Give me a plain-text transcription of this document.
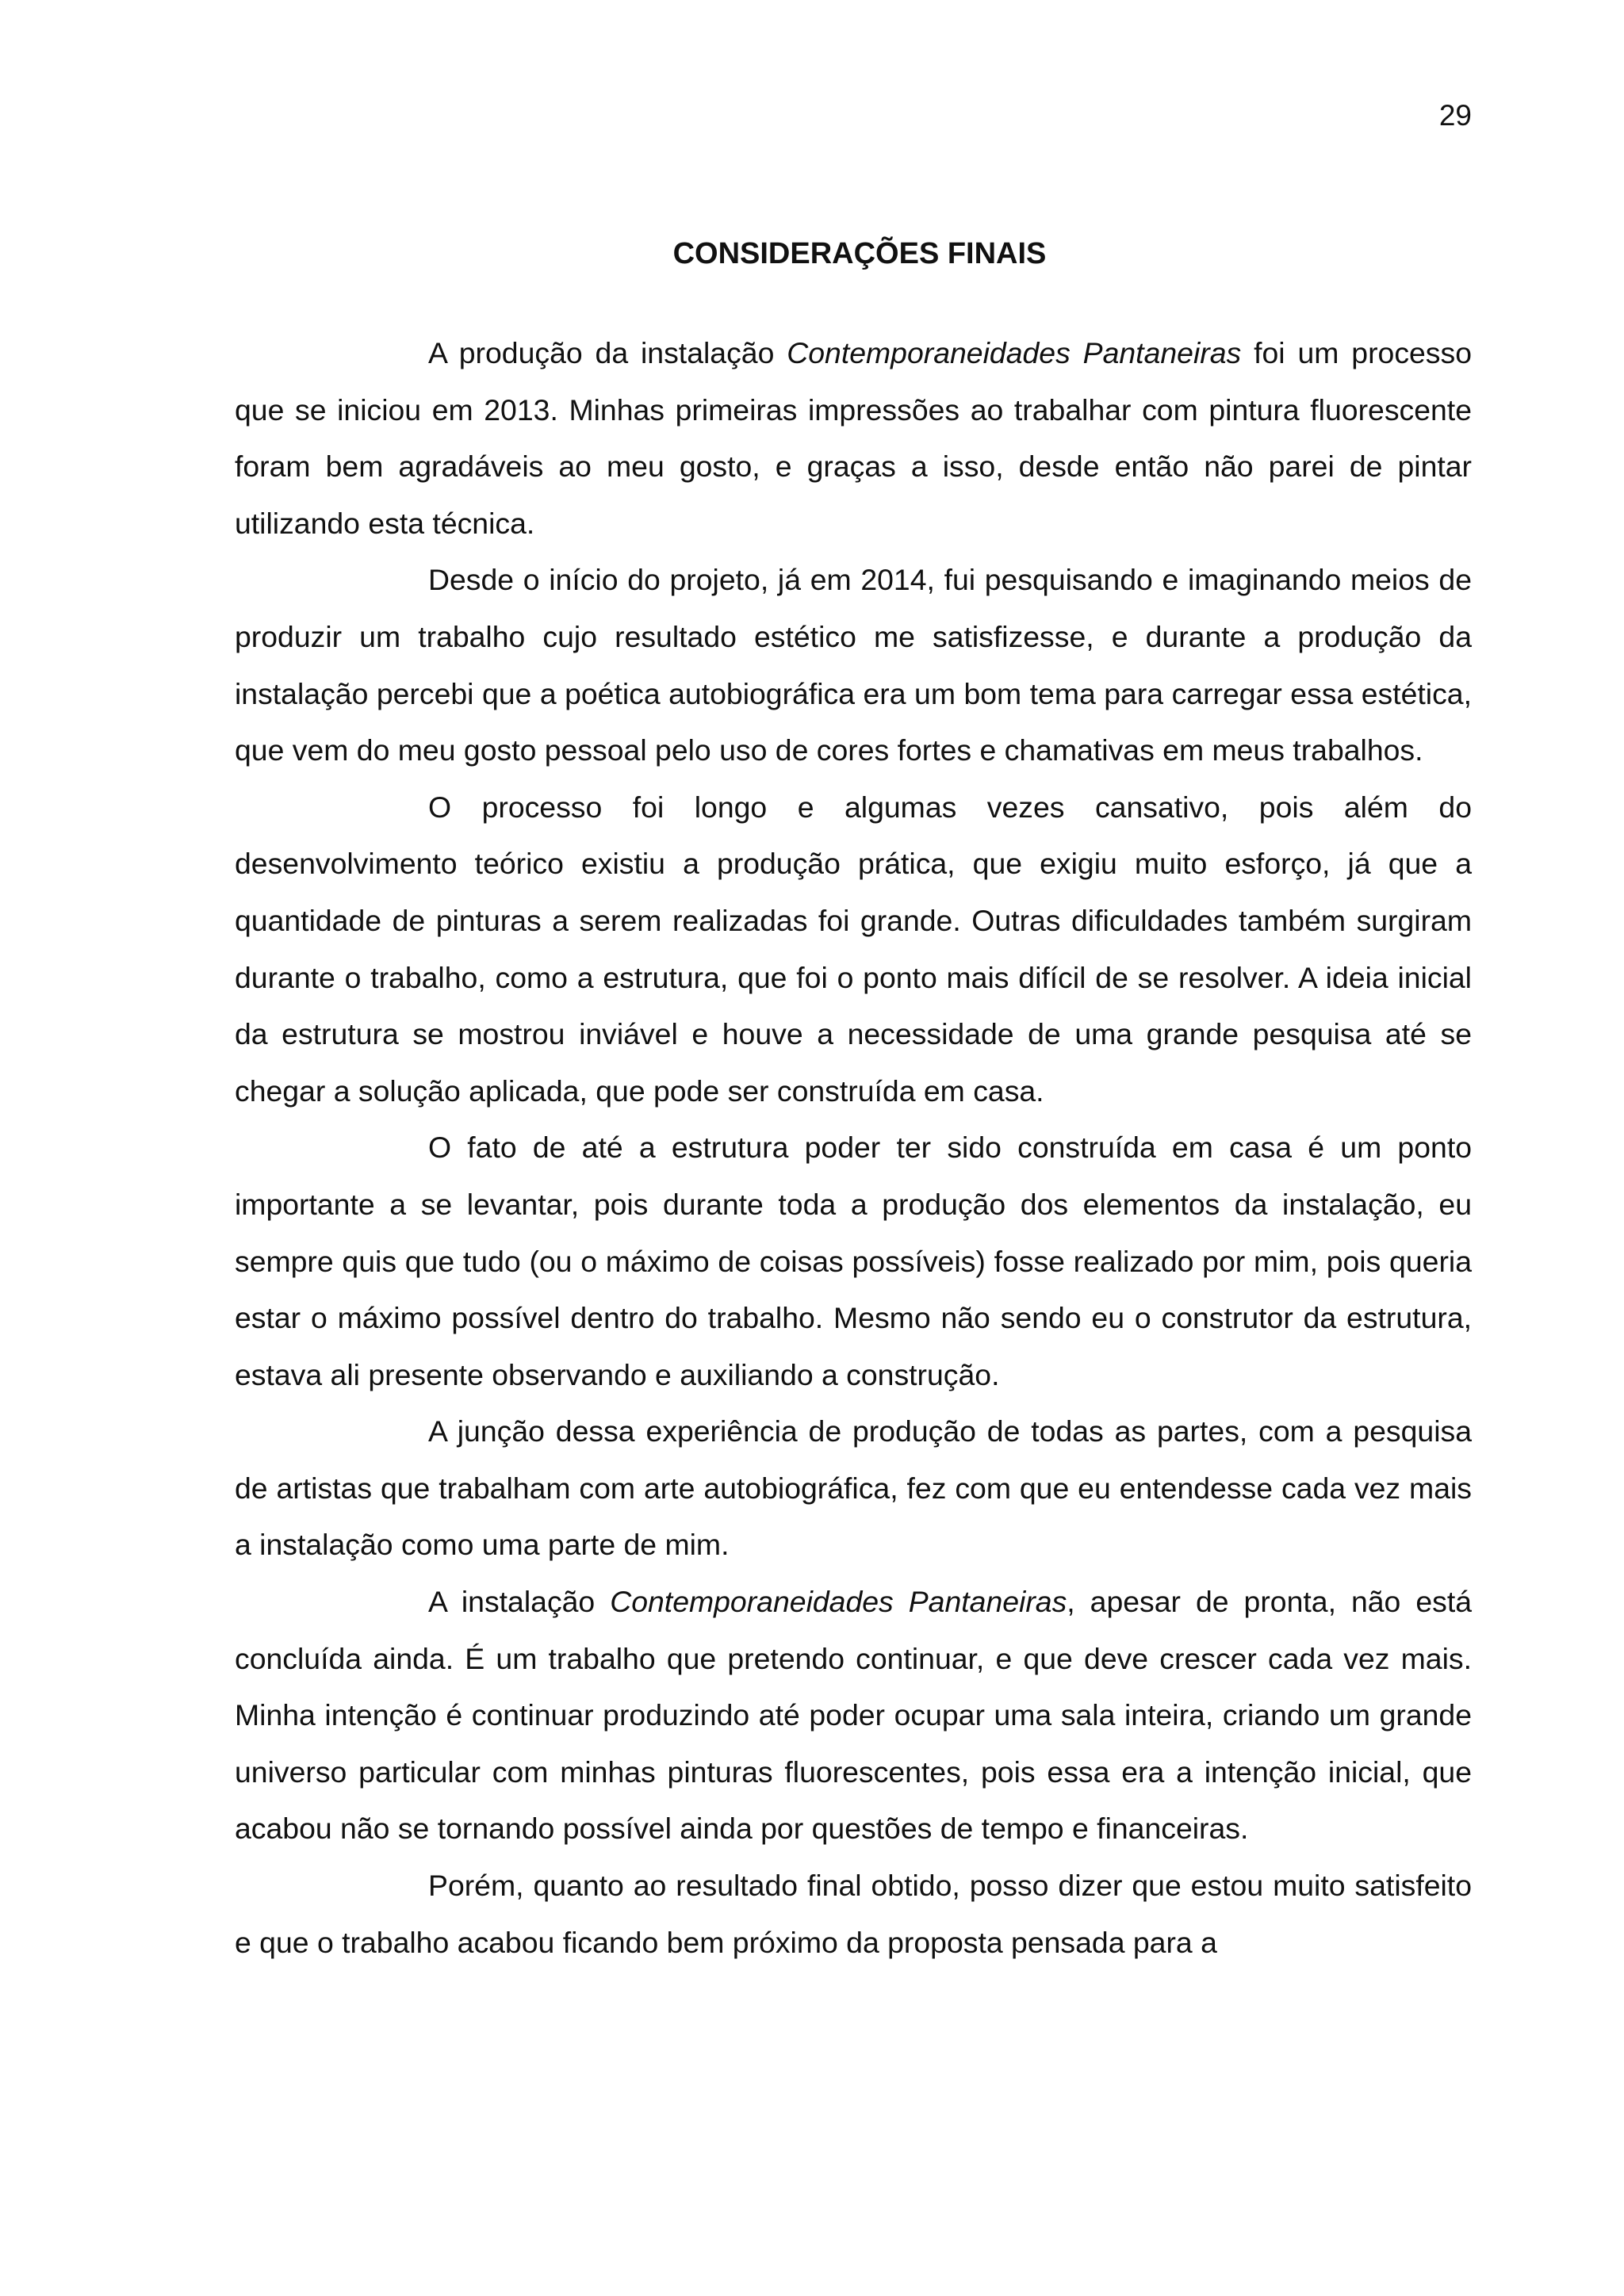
29
CONSIDERAÇÕES FINAIS

A produção da instalação Contemporaneidades Pantaneiras foi um processo que se iniciou em 2013. Minhas primeiras impressões ao trabalhar com pintura fluorescente foram bem agradáveis ao meu gosto, e graças a isso, desde então não parei de pintar utilizando esta técnica.

Desde o início do projeto, já em 2014, fui pesquisando e imaginando meios de produzir um trabalho cujo resultado estético me satisfizesse, e durante a produção da instalação percebi que a poética autobiográfica era um bom tema para carregar essa estética, que vem do meu gosto pessoal pelo uso de cores fortes e chamativas em meus trabalhos.

O processo foi longo e algumas vezes cansativo, pois além do desenvolvimento teórico existiu a produção prática, que exigiu muito esforço, já que a quantidade de pinturas a serem realizadas foi grande. Outras dificuldades também surgiram durante o trabalho, como a estrutura, que foi o ponto mais difícil de se resolver. A ideia inicial da estrutura se mostrou inviável e houve a necessidade de uma grande pesquisa até se chegar a solução aplicada, que pode ser construída em casa.

O fato de até a estrutura poder ter sido construída em casa é um ponto importante a se levantar, pois durante toda a produção dos elementos da instalação, eu sempre quis que tudo (ou o máximo de coisas possíveis) fosse realizado por mim, pois queria estar o máximo possível dentro do trabalho. Mesmo não sendo eu o construtor da estrutura, estava ali presente observando e auxiliando a construção.

A junção dessa experiência de produção de todas as partes, com a pesquisa de artistas que trabalham com arte autobiográfica, fez com que eu entendesse cada vez mais a instalação como uma parte de mim.

A instalação Contemporaneidades Pantaneiras, apesar de pronta, não está concluída ainda. É um trabalho que pretendo continuar, e que deve crescer cada vez mais. Minha intenção é continuar produzindo até poder ocupar uma sala inteira, criando um grande universo particular com minhas pinturas fluorescentes, pois essa era a intenção inicial, que acabou não se tornando possível ainda por questões de tempo e financeiras.

Porém, quanto ao resultado final obtido, posso dizer que estou muito satisfeito e que o trabalho acabou ficando bem próximo da proposta pensada para a
